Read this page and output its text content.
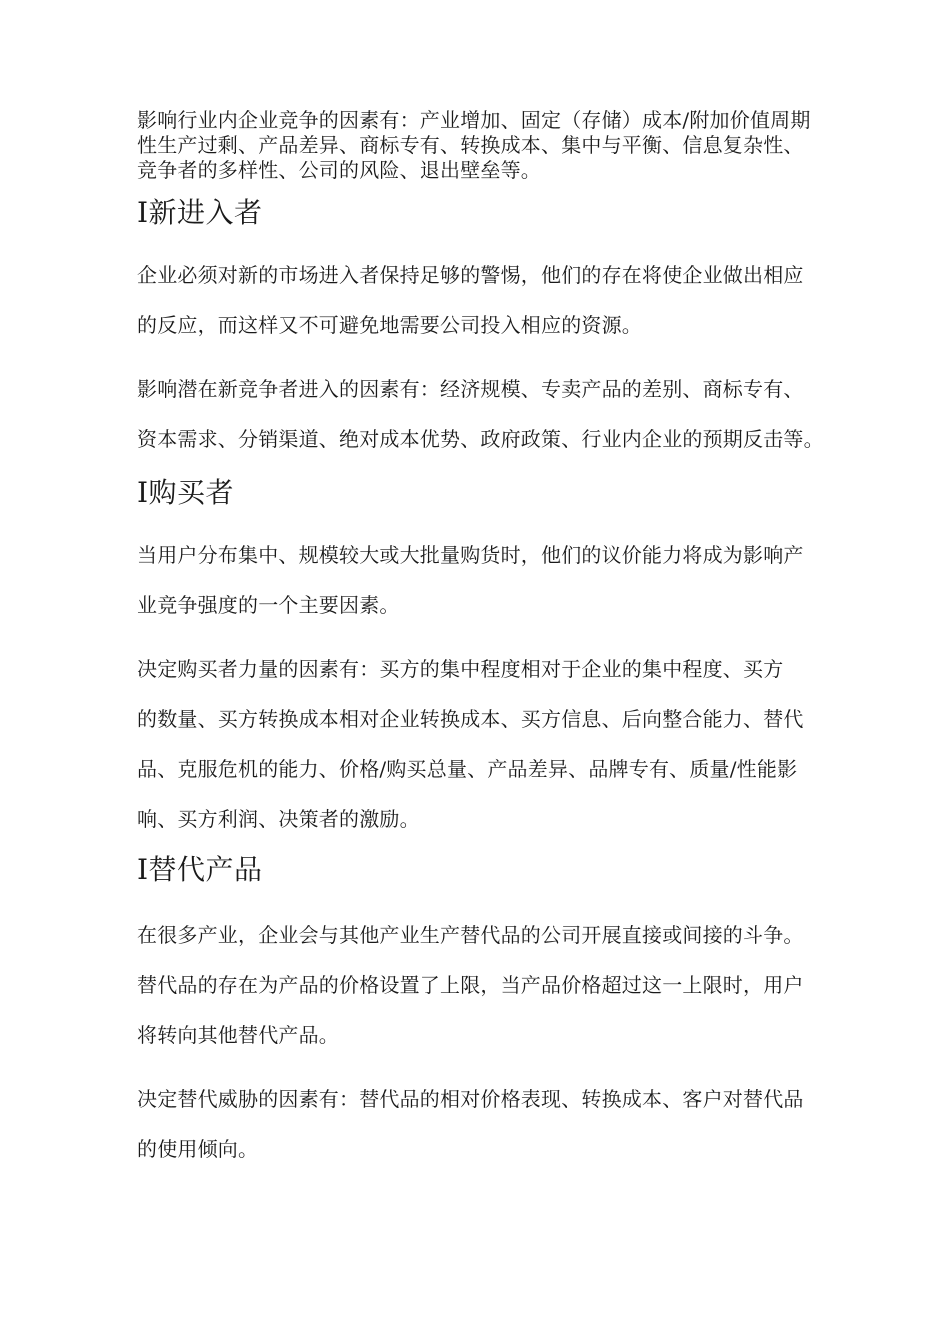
影响行业内企业竞争的因素有：产业增加、固定（存储）成本/附加价值周期
性生产过剩、产品差异、商标专有、转换成本、集中与平衡、信息复杂性、
竞争者的多样性、公司的风险、退出壁垒等。
I新进入者
企业必须对新的市场进入者保持足够的警惕，他们的存在将使企业做出相应
的反应，而这样又不可避免地需要公司投入相应的资源。
影响潜在新竞争者进入的因素有：经济规模、专卖产品的差别、商标专有、
资本需求、分销渠道、绝对成本优势、政府政策、行业内企业的预期反击等。
I购买者
当用户分布集中、规模较大或大批量购货时，他们的议价能力将成为影响产
业竞争强度的一个主要因素。
决定购买者力量的因素有：买方的集中程度相对于企业的集中程度、买方
的数量、买方转换成本相对企业转换成本、买方信息、后向整合能力、替代
品、克服危机的能力、价格/购买总量、产品差异、品牌专有、质量/性能影
响、买方利润、决策者的激励。
I替代产品
在很多产业，企业会与其他产业生产替代品的公司开展直接或间接的斗争。
替代品的存在为产品的价格设置了上限，当产品价格超过这一上限时，用户
将转向其他替代产品。
决定替代威胁的因素有：替代品的相对价格表现、转换成本、客户对替代品
的使用倾向。
